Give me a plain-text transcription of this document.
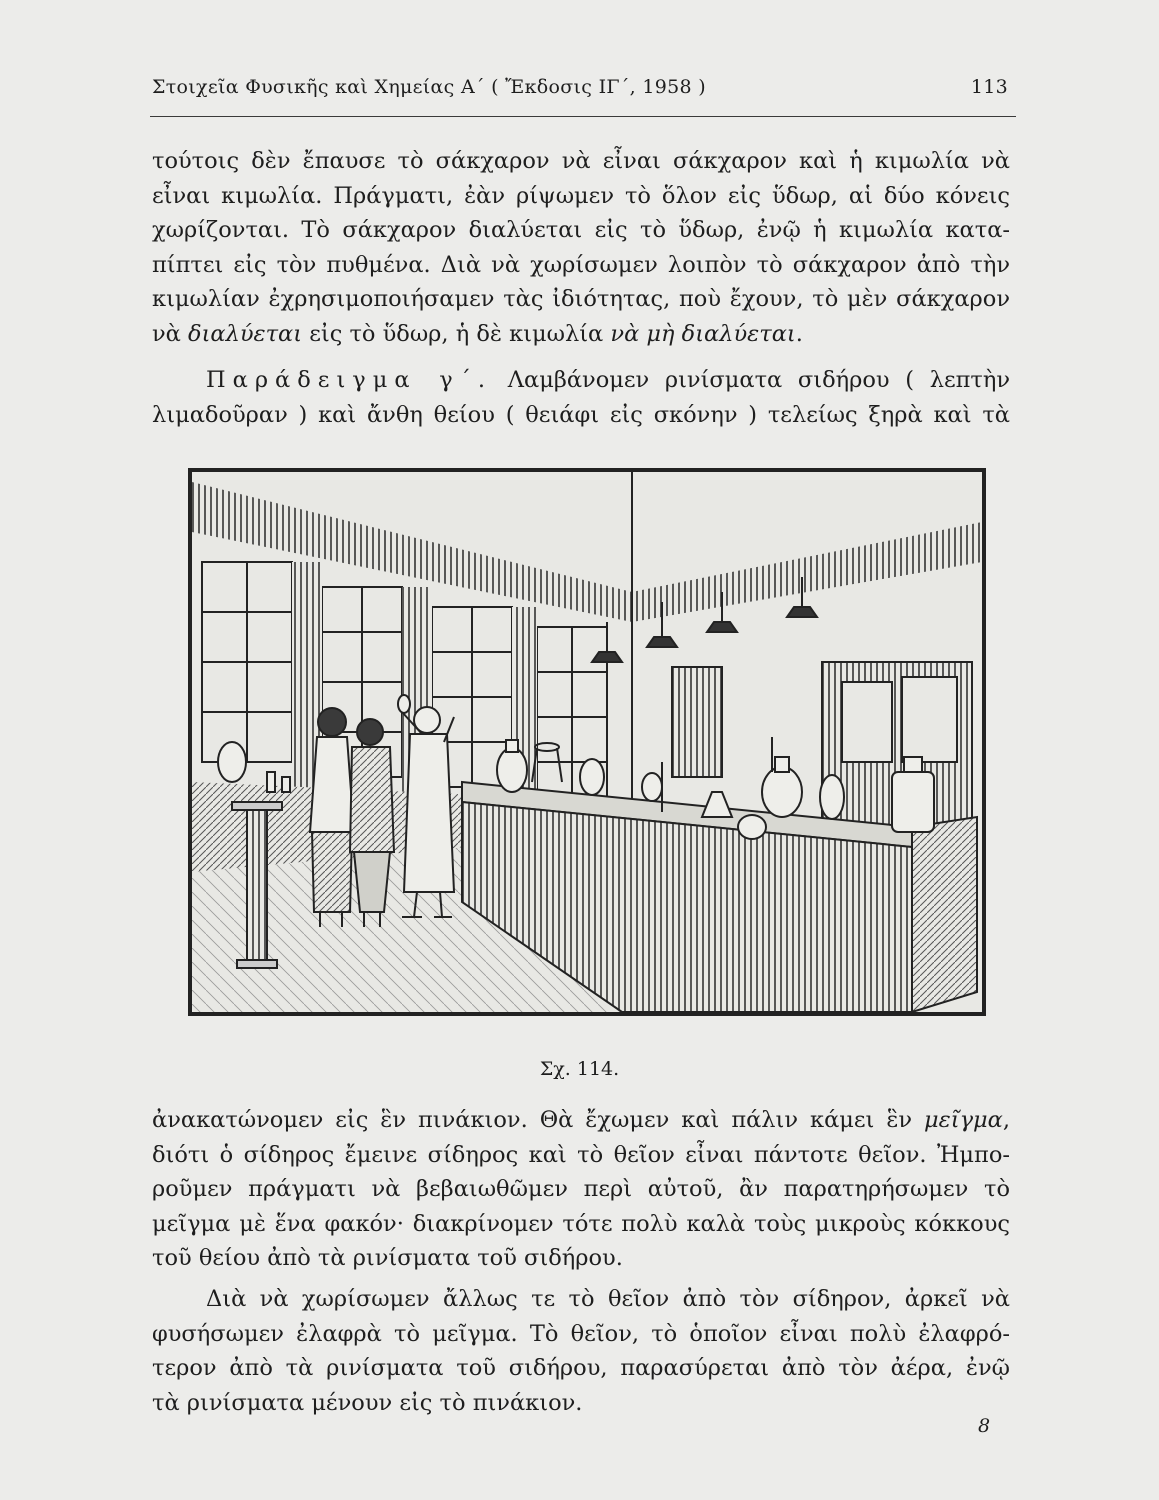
Στοιχεῖα Φυσικῆς καὶ Χημείας Α΄ ( Ἔκδοσις ΙΓ΄, 1958 )	113
τούτοις δὲν ἔπαυσε τὸ σάκχαρον νὰ εἶναι σάκχαρον καὶ ἡ κιμωλία νὰ
εἶναι κιμωλία. Πράγματι, ἐὰν ρίψωμεν τὸ ὅλον εἰς ὕδωρ, αἱ δύο κόνεις
χωρίζονται. Τὸ σάκχαρον διαλύεται εἰς τὸ ὕδωρ, ἐνῷ ἡ κιμωλία κατα-
πίπτει εἰς τὸν πυθμένα. Διὰ νὰ χωρίσωμεν λοιπὸν τὸ σάκχαρον ἀπὸ τὴν
κιμωλίαν ἐχρησιμοποιήσαμεν τὰς ἰδιότητας, ποὺ ἔχουν, τὸ μὲν σάκχαρον
νὰ διαλύεται εἰς τὸ ὕδωρ, ἡ δὲ κιμωλία νὰ μὴ διαλύεται.
Παράδειγμα γ΄. Λαμβάνομεν ρινίσματα σιδήρου ( λεπτὴν
λιμαδοῦραν ) καὶ ἄνθη θείου ( θειάφι εἰς σκόνην ) τελείως ξηρὰ καὶ τὰ
Σχ. 114.
ἀνακατώνομεν εἰς ἓν πινάκιον. Θὰ ἔχωμεν καὶ πάλιν κάμει ἓν μεῖγμα,
διότι ὁ σίδηρος ἔμεινε σίδηρος καὶ τὸ θεῖον εἶναι πάντοτε θεῖον. Ἠμπο-
ροῦμεν πράγματι νὰ βεβαιωθῶμεν περὶ αὐτοῦ, ἂν παρατηρήσωμεν τὸ
μεῖγμα μὲ ἕνα φακόν· διακρίνομεν τότε πολὺ καλὰ τοὺς μικροὺς κόκκους
τοῦ θείου ἀπὸ τὰ ρινίσματα τοῦ σιδήρου.
Διὰ νὰ χωρίσωμεν ἄλλως τε τὸ θεῖον ἀπὸ τὸν σίδηρον, ἀρκεῖ νὰ
φυσήσωμεν ἐλαφρὰ τὸ μεῖγμα. Τὸ θεῖον, τὸ ὁποῖον εἶναι πολὺ ἐλαφρό-
τερον ἀπὸ τὰ ρινίσματα τοῦ σιδήρου, παρασύρεται ἀπὸ τὸν ἀέρα, ἐνῷ
τὰ ρινίσματα μένουν εἰς τὸ πινάκιον.
8
